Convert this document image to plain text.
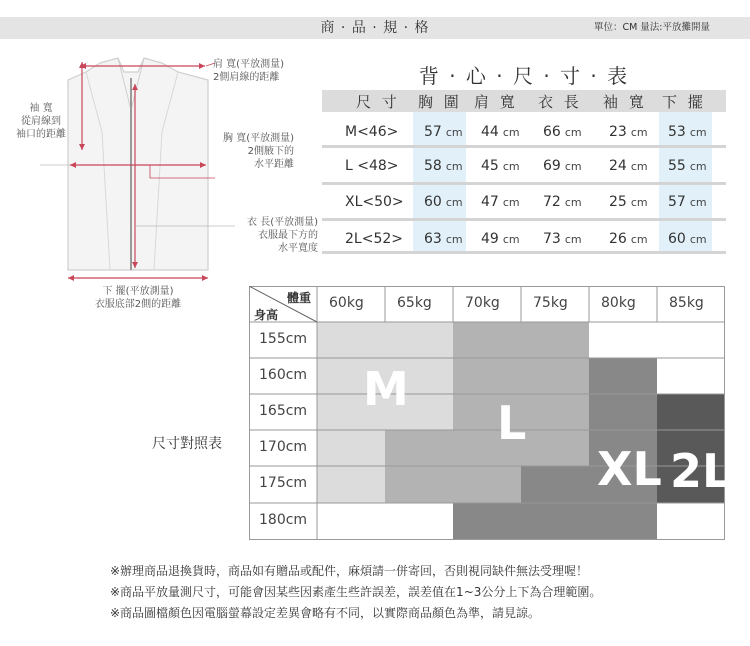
商 · 品 · 規 · 格	單位：CM 量法:平放攤開量
肩 寬(平放測量)
2側肩線的距離
袖 寬
從肩線到
袖口的距離	胸 寬(平放測量)
2側腋下的
水平距離
衣 長(平放測量)
衣服最下方的
水平寬度
下 擺(平放測量)
衣服底部2側的距離
背 · 心 · 尺 · 寸 · 表
尺 寸 胸 圍 肩 寬 衣 長 袖 寬 下 擺
M<46> 57 cm 44 cm 66 cm 23 cm 53 cm
L <48> 58 cm 45 cm 69 cm 24 cm 55 cm
XL<50> 60 cm 47 cm 72 cm 25 cm 57 cm
2L<52> 63 cm 49 cm 73 cm 26 cm 60 cm
尺寸對照表
體重
身高
60kg 65kg 70kg 75kg 80kg 85kg
155cm
160cm
165cm
170cm
175cm
180cm
M
L
XL 2L
※辦理商品退換貨時，商品如有贈品或配件，麻煩請一併寄回，否則視同缺件無法受理喔！
※商品平放量測尺寸，可能會因某些因素產生些許誤差，誤差值在1~3公分上下為合理範圍。
※商品圖檔顏色因電腦螢幕設定差異會略有不同，以實際商品顏色為準，請見諒。
